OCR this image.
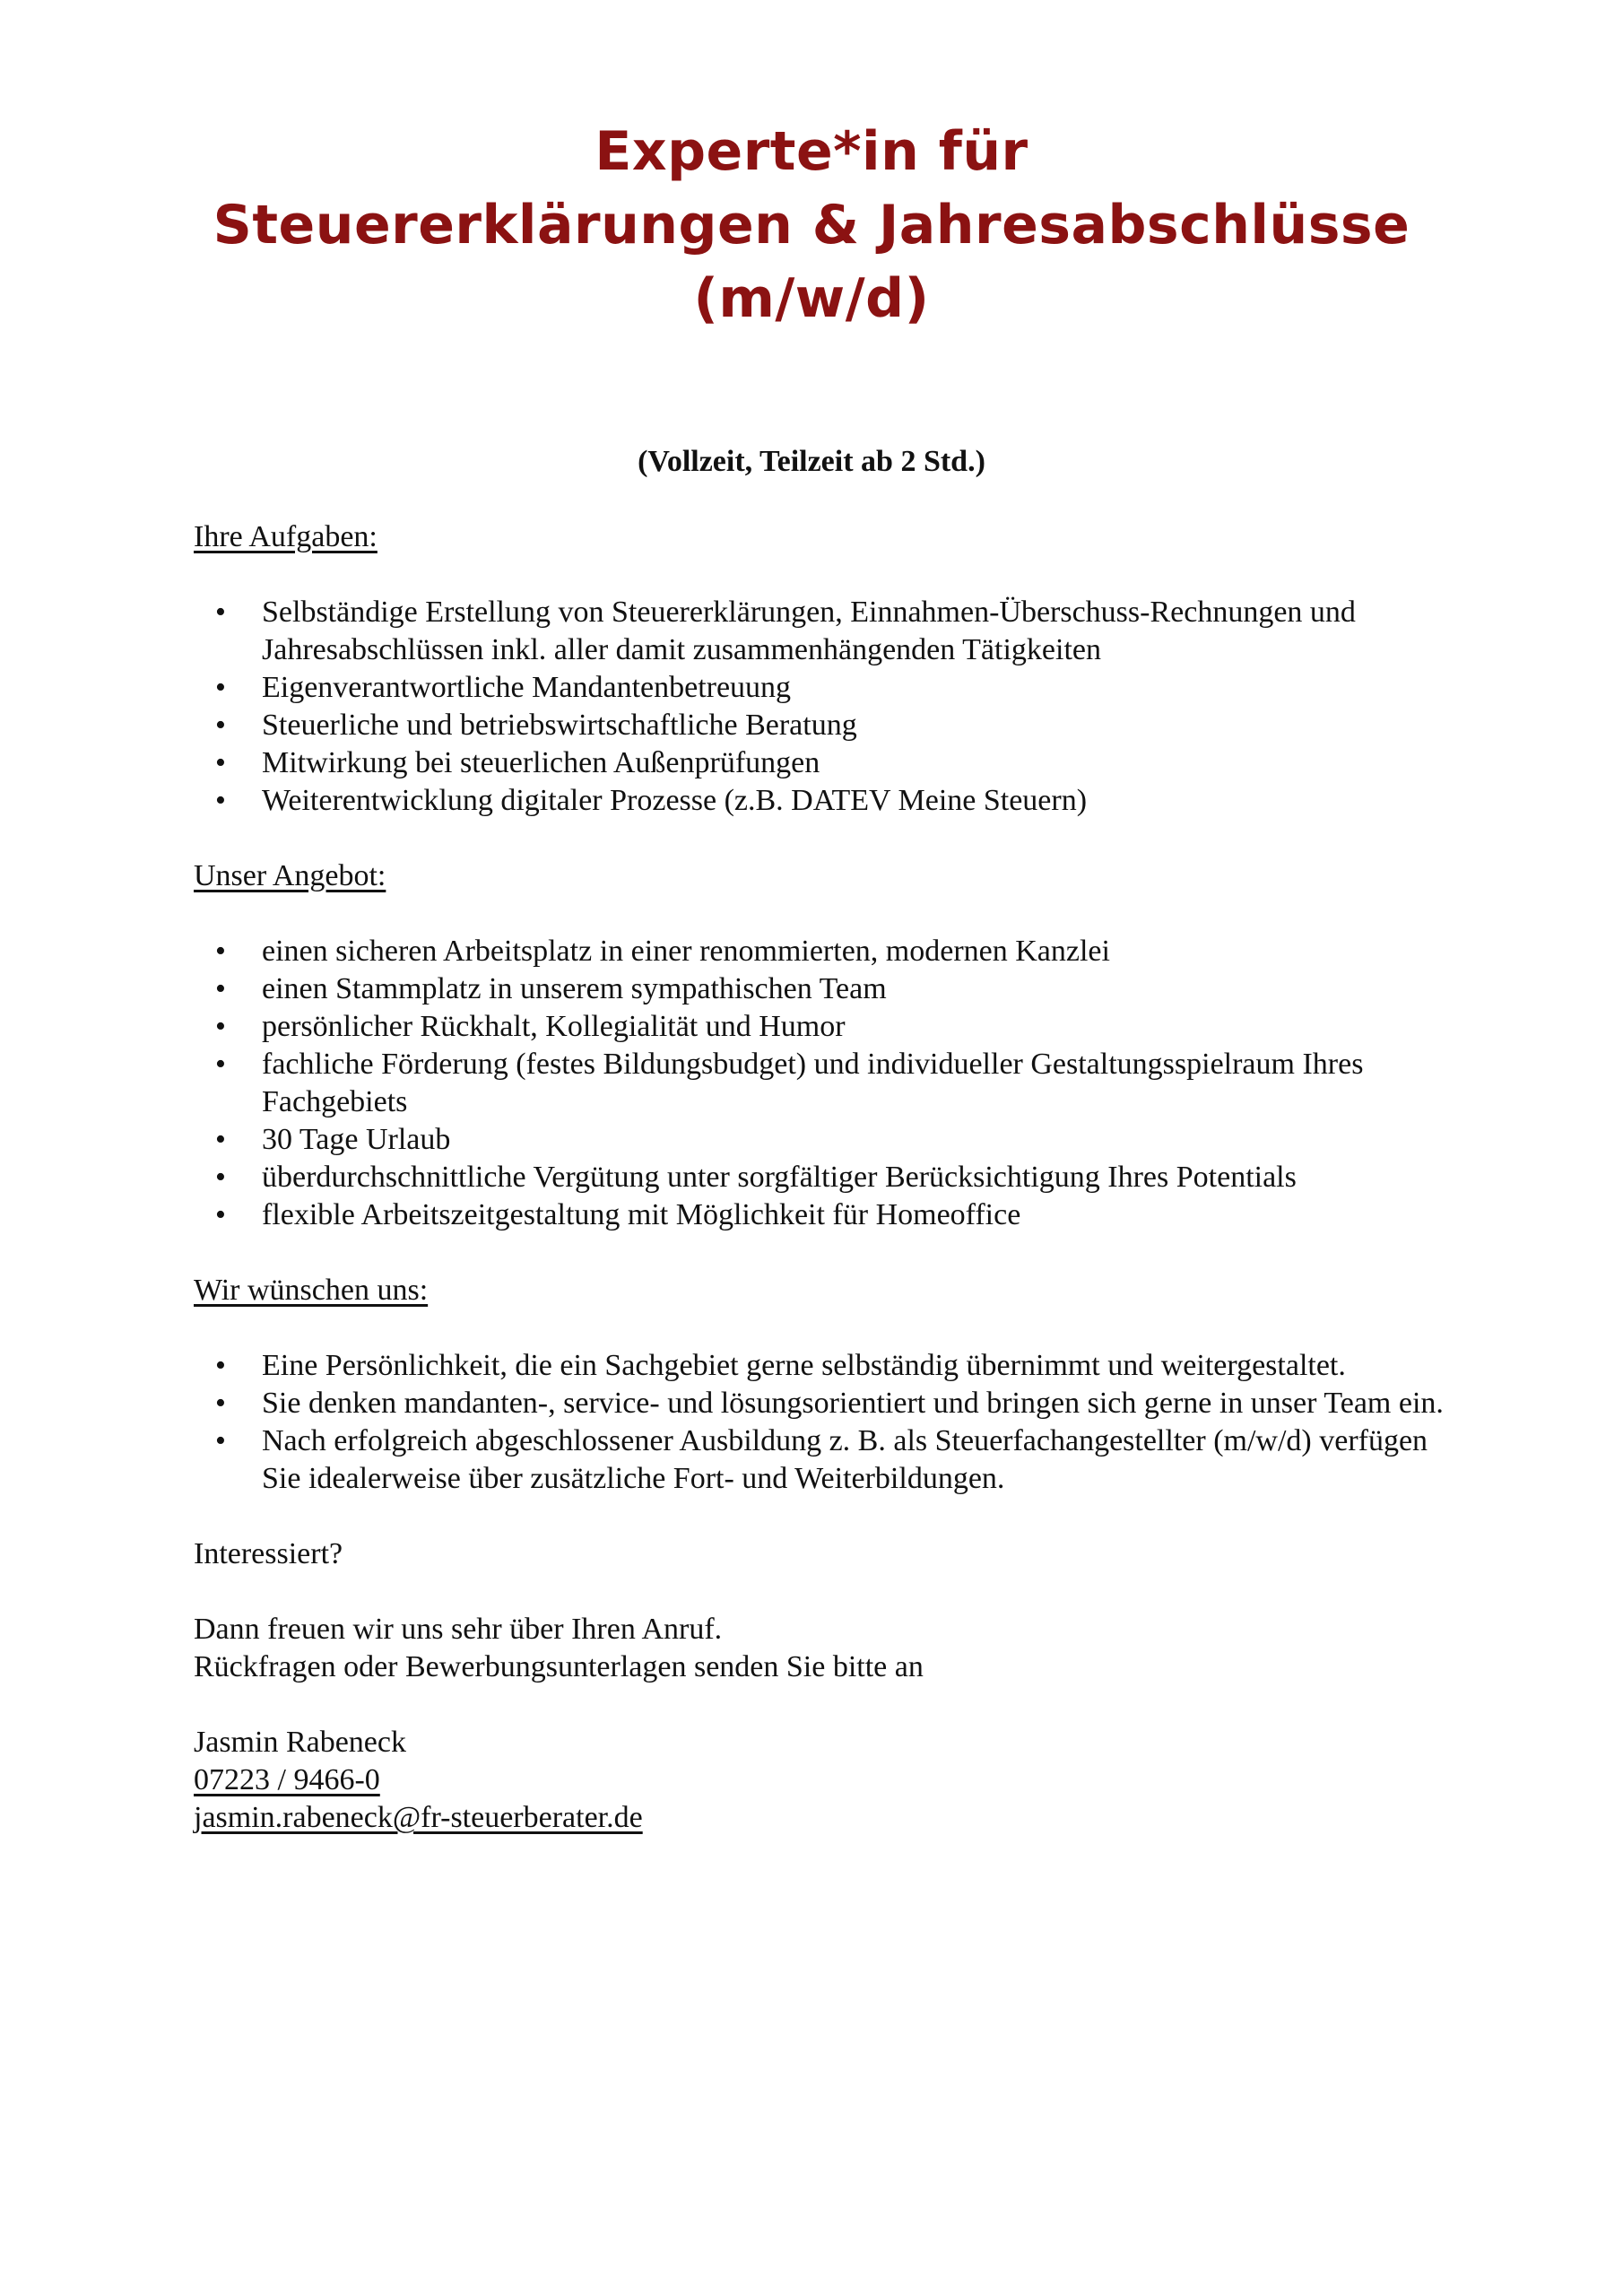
Experte*in für
Steuererklärungen & Jahresabschlüsse
(m/w/d)
(Vollzeit, Teilzeit ab 2 Std.)
Ihre Aufgaben:
• Selbständige Erstellung von Steuererklärungen, Einnahmen-Überschuss-Rechnungen und Jahresabschlüssen inkl. aller damit zusammenhängenden Tätigkeiten
• Eigenverantwortliche Mandantenbetreuung
• Steuerliche und betriebswirtschaftliche Beratung
• Mitwirkung bei steuerlichen Außenprüfungen
• Weiterentwicklung digitaler Prozesse (z.B. DATEV Meine Steuern)
Unser Angebot:
• einen sicheren Arbeitsplatz in einer renommierten, modernen Kanzlei
• einen Stammplatz in unserem sympathischen Team
• persönlicher Rückhalt, Kollegialität und Humor
• fachliche Förderung (festes Bildungsbudget) und individueller Gestaltungsspielraum Ihres Fachgebiets
• 30 Tage Urlaub
• überdurchschnittliche Vergütung unter sorgfältiger Berücksichtigung Ihres Potentials
• flexible Arbeitszeitgestaltung mit Möglichkeit für Homeoffice
Wir wünschen uns:
• Eine Persönlichkeit, die ein Sachgebiet gerne selbständig übernimmt und weitergestaltet.
• Sie denken mandanten-, service- und lösungsorientiert und bringen sich gerne in unser Team ein.
• Nach erfolgreich abgeschlossener Ausbildung z. B. als Steuerfachangestellter (m/w/d) verfügen Sie idealerweise über zusätzliche Fort- und Weiterbildungen.

Interessiert?

Dann freuen wir uns sehr über Ihren Anruf.

Rückfragen oder Bewerbungsunterlagen senden Sie bitte an

Jasmin Rabeneck

07223 / 9466-0

jasmin.rabeneck@fr-steuerberater.de
